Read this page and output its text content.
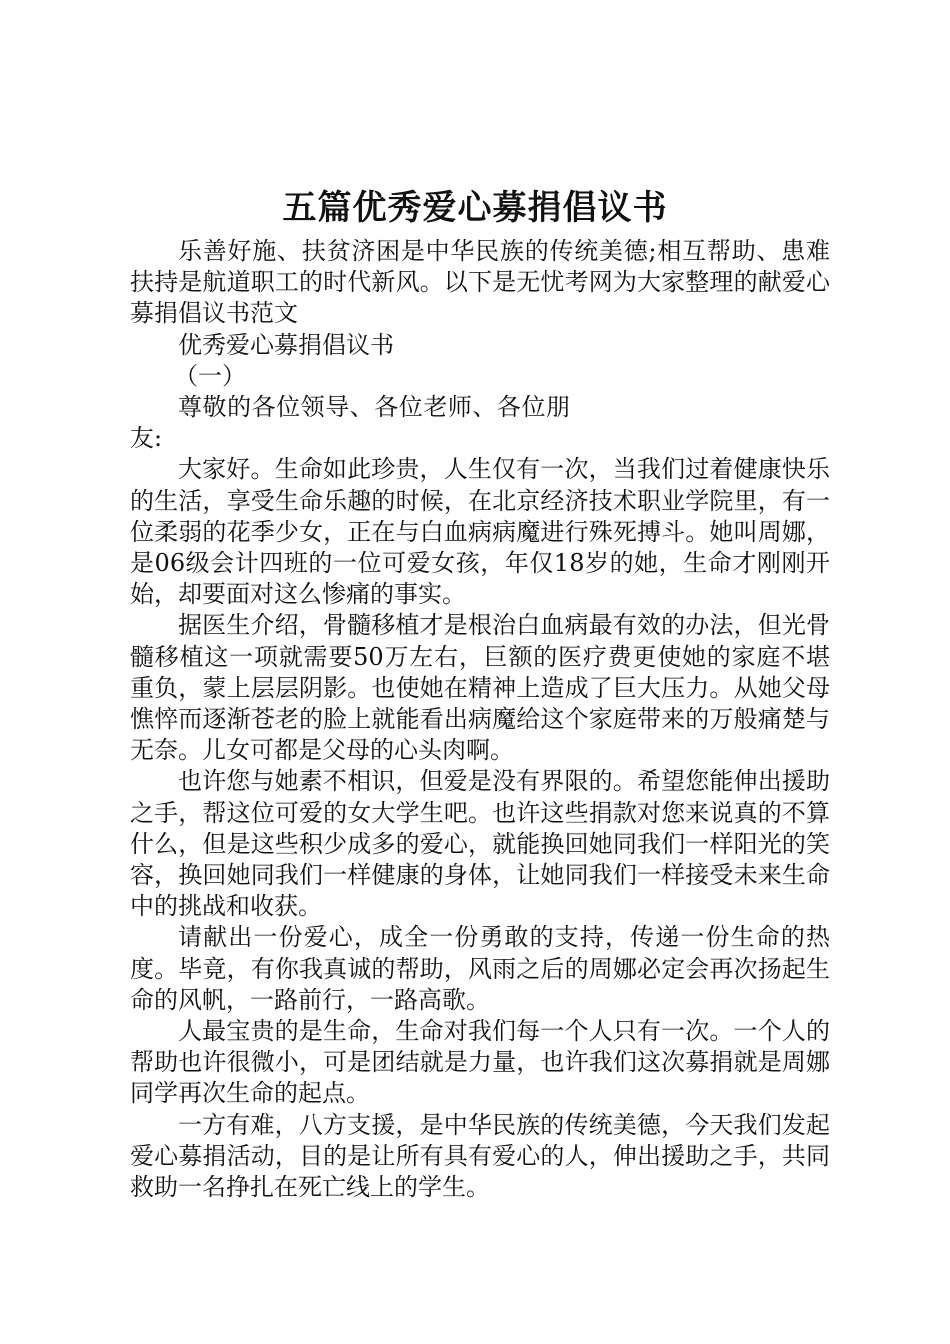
五篇优秀爱心募捐倡议书

乐善好施、扶贫济困是中华民族的传统美德;相互帮助、患难扶持是航道职工的时代新风。以下是无忧考网为大家整理的献爱心募捐倡议书范文

优秀爱心募捐倡议书

（一）

尊敬的各位领导、各位老师、各位朋友:

大家好。生命如此珍贵，人生仅有一次，当我们过着健康快乐的生活，享受生命乐趣的时候，在北京经济技术职业学院里，有一位柔弱的花季少女，正在与白血病病魔进行殊死搏斗。她叫周娜，是06级会计四班的一位可爱女孩，年仅18岁的她，生命才刚刚开始，却要面对这么惨痛的事实。

据医生介绍，骨髓移植才是根治白血病最有效的办法，但光骨髓移植这一项就需要50万左右，巨额的医疗费更使她的家庭不堪重负，蒙上层层阴影。也使她在精神上造成了巨大压力。从她父母憔悴而逐渐苍老的脸上就能看出病魔给这个家庭带来的万般痛楚与无奈。儿女可都是父母的心头肉啊。

也许您与她素不相识，但爱是没有界限的。希望您能伸出援助之手，帮这位可爱的女大学生吧。也许这些捐款对您来说真的不算什么，但是这些积少成多的爱心，就能换回她同我们一样阳光的笑容，换回她同我们一样健康的身体，让她同我们一样接受未来生命中的挑战和收获。

请献出一份爱心，成全一份勇敢的支持，传递一份生命的热度。毕竟，有你我真诚的帮助，风雨之后的周娜必定会再次扬起生命的风帆，一路前行，一路高歌。

人最宝贵的是生命，生命对我们每一个人只有一次。一个人的帮助也许很微小，可是团结就是力量，也许我们这次募捐就是周娜同学再次生命的起点。

一方有难，八方支援，是中华民族的传统美德，今天我们发起爱心募捐活动，目的是让所有具有爱心的人，伸出援助之手，共同救助一名挣扎在死亡线上的学生。
